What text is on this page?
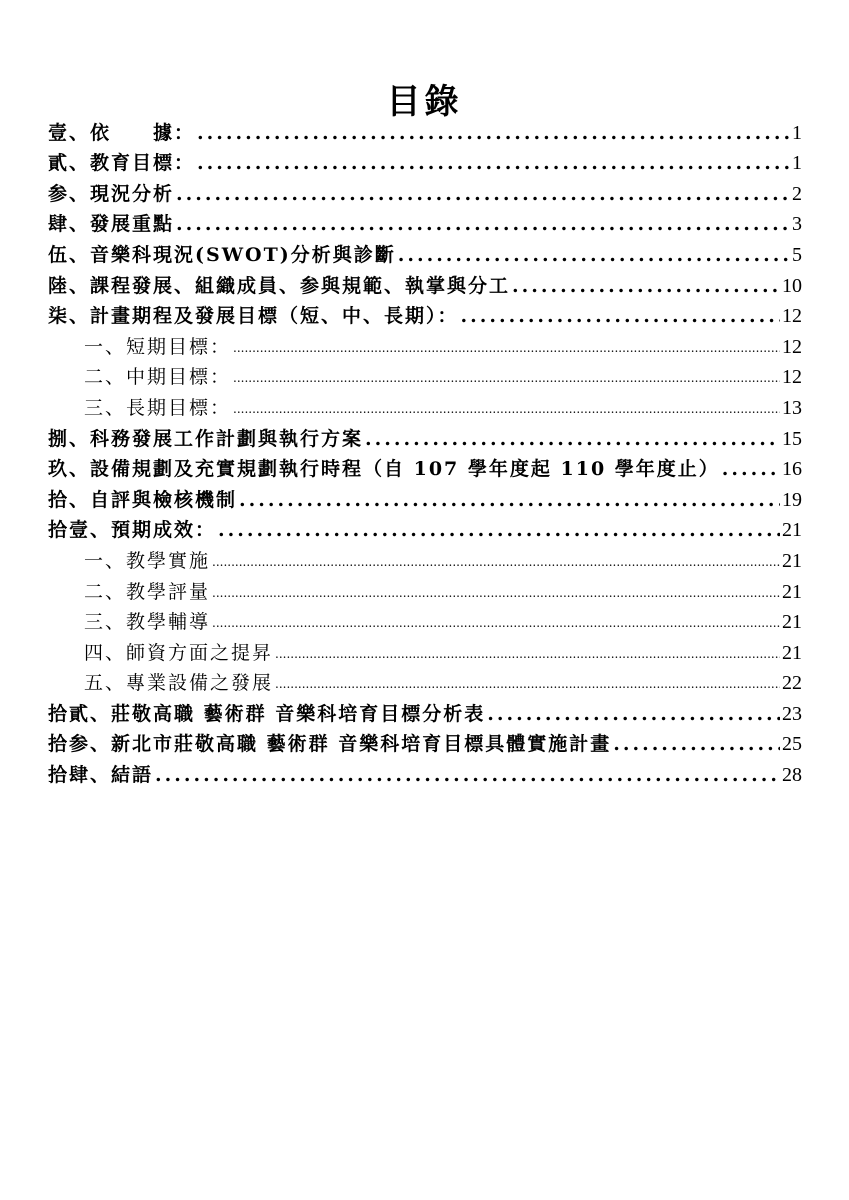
目錄
壹、依　　據： .....	1
貳、教育目標： .....	1
参、現況分析 .....	2
肆、發展重點 .....	3
伍、音樂科現況(SWOT)分析與診斷 .....	5
陸、課程發展、組織成員、参與規範、執掌與分工 .....	10
柒、計畫期程及發展目標（短、中、長期）： .....	12
一、短期目標： .....	12
二、中期目標： .....	12
三、長期目標： .....	13
捌、科務發展工作計劃與執行方案 .....	15
玖、設備規劃及充實規劃執行時程（自 107 學年度起 110 學年度止） .....	16
拾、自評與檢核機制 .....	19
拾壹、預期成效： .....	21
一、教學實施 .....	21
二、教學評量 .....	21
三、教學輔導 .....	21
四、師資方面之提昇 .....	21
五、專業設備之發展 .....	22
拾貳、莊敬高職 藝術群 音樂科培育目標分析表 .....	23
拾参、新北市莊敬高職 藝術群 音樂科培育目標具體實施計畫 .....	25
拾肆、結語 .....	28
